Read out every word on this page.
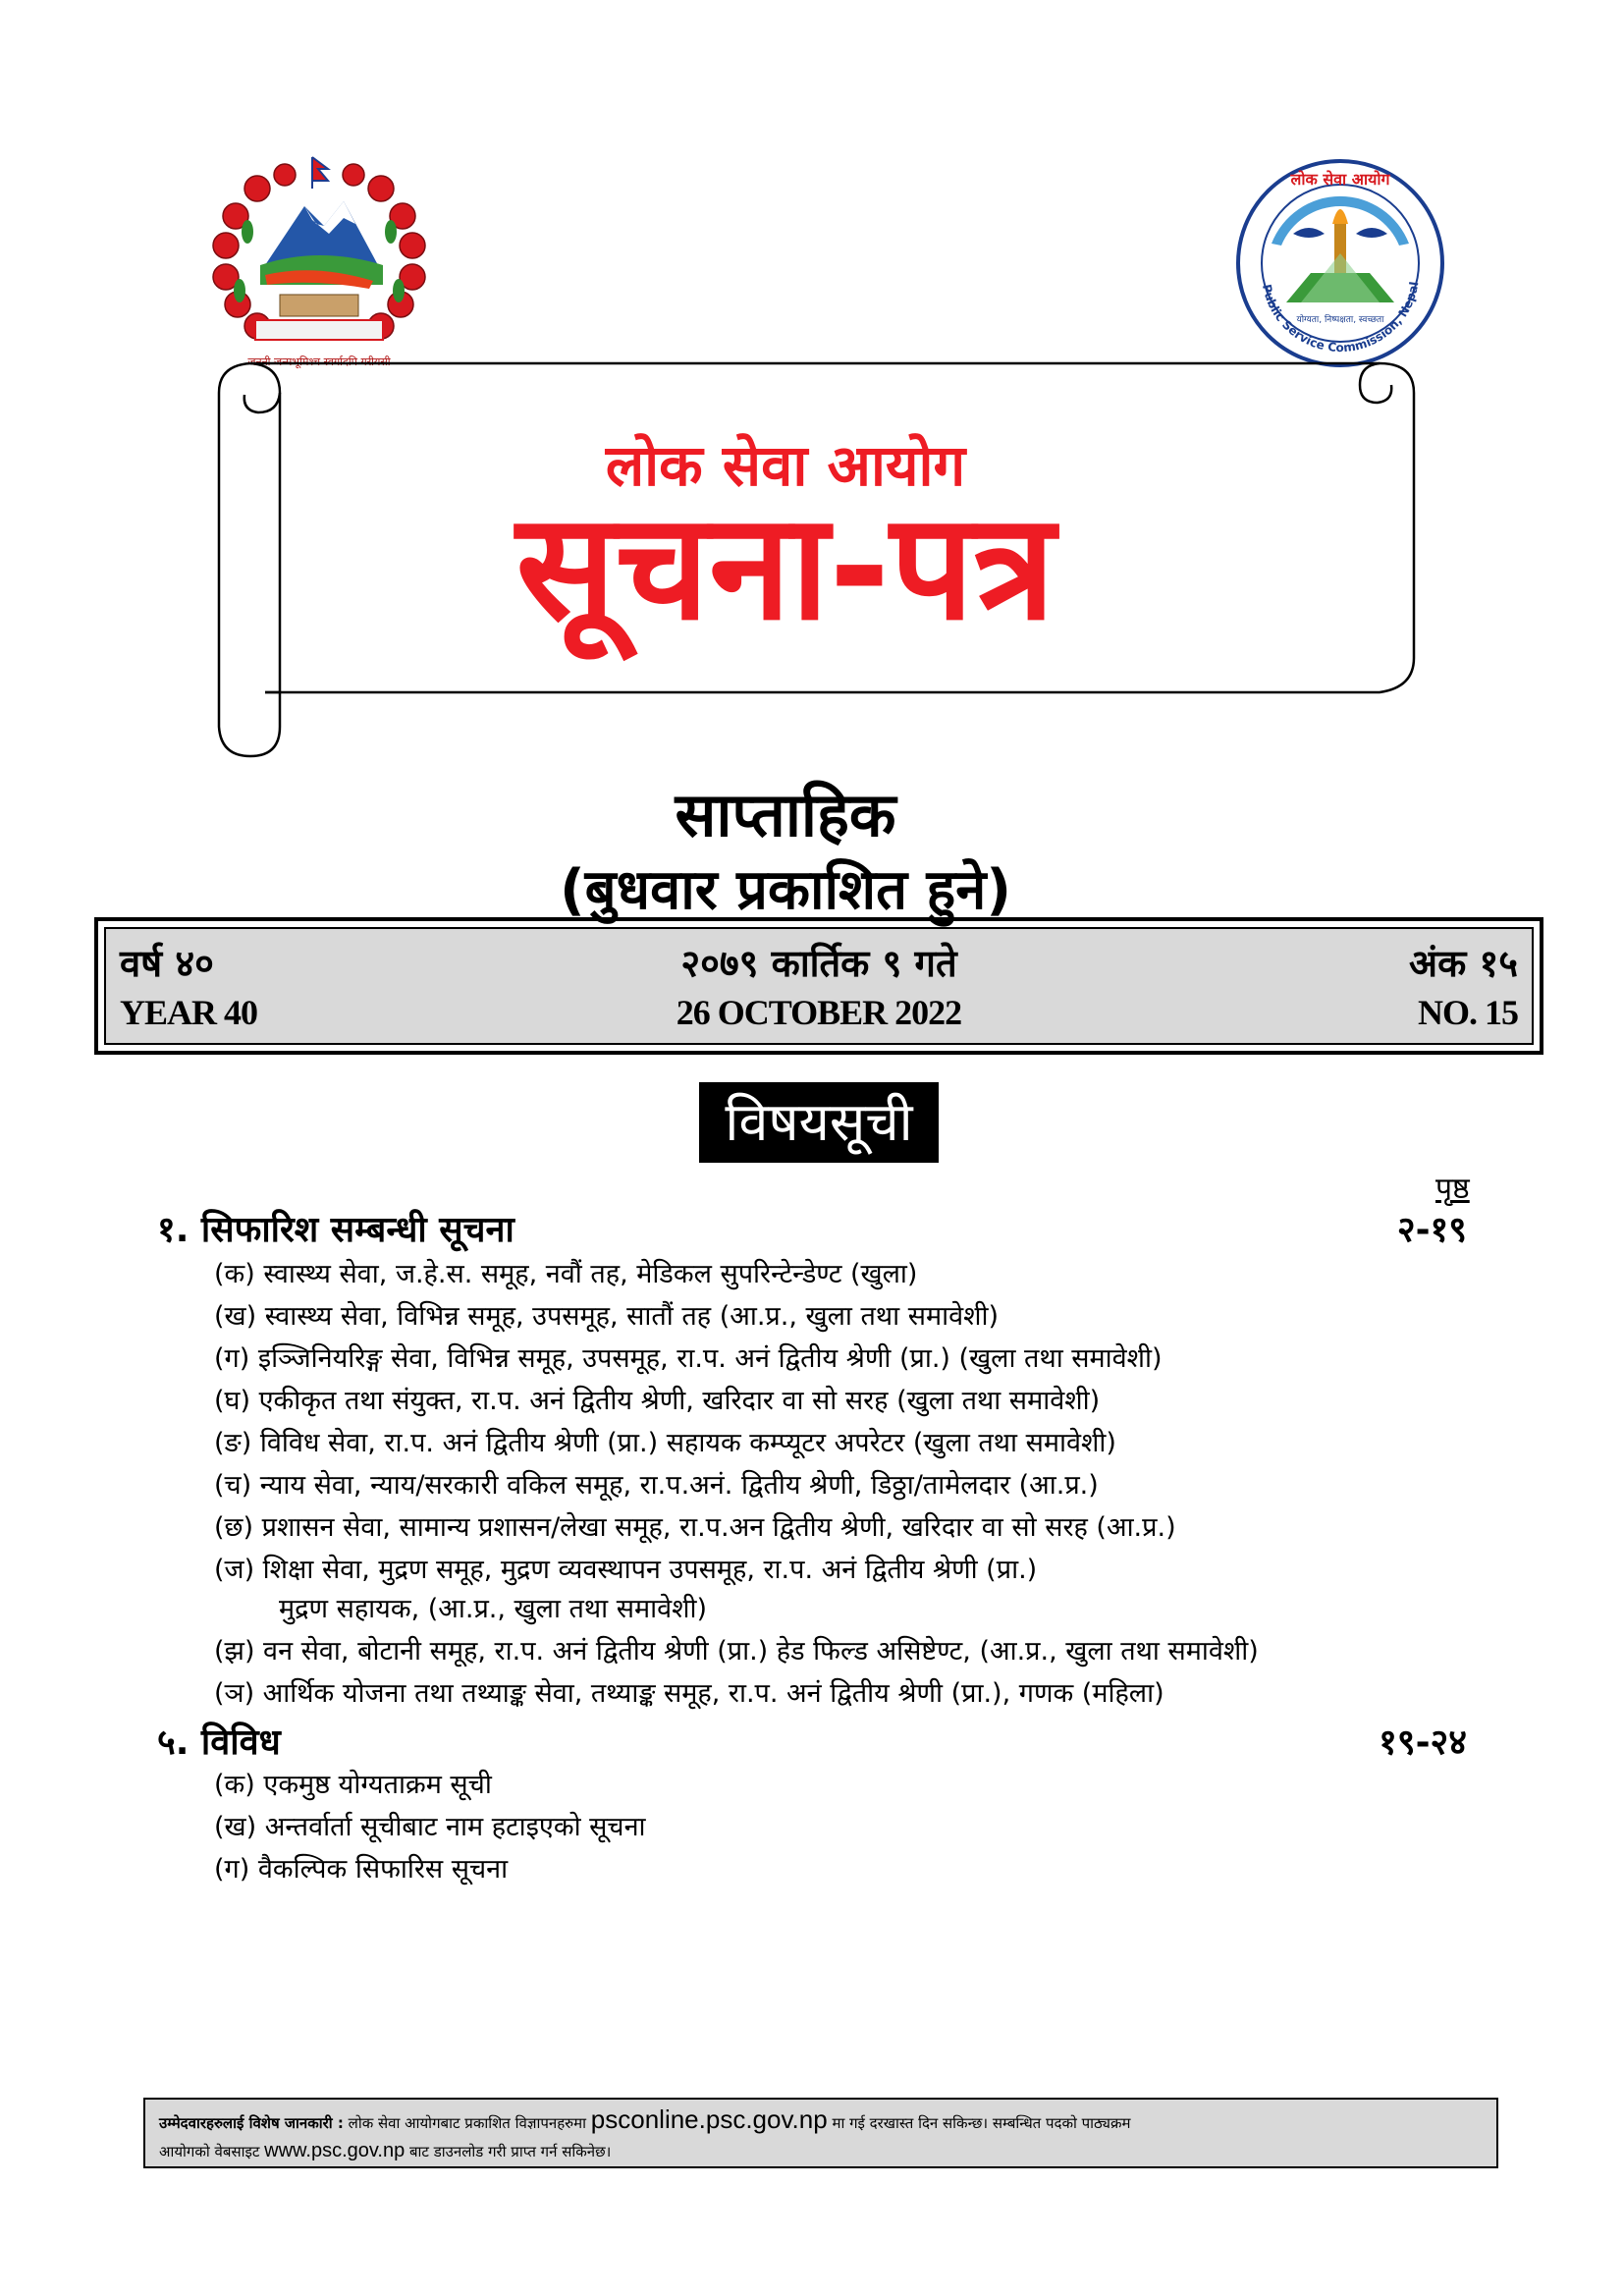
जननी जन्मभूमिश्च स्वर्गादपि गरीयसी
लोक सेवा आयोग
योग्यता, निष्पक्षता, स्वच्छता
Public Service Commission, Nepal
लोक सेवा आयोग
सूचना-पत्र
साप्ताहिक
(बुधवार प्रकाशित हुने)
वर्ष ४०
YEAR 40
२०७९ कार्तिक ९ गते
26 OCTOBER 2022
अंक १५
NO. 15
विषयसूची
पृष्ठ
१. सिफारिश सम्बन्धी सूचना	२-१९
(क) स्वास्थ्य सेवा, ज.हे.स. समूह, नवौं तह, मेडिकल सुपरिन्टेन्डेण्ट (खुला)
(ख) स्वास्थ्य सेवा, विभिन्न समूह, उपसमूह, सातौं तह (आ.प्र., खुला तथा समावेशी)
(ग) इञ्जिनियरिङ्ग सेवा, विभिन्न समूह, उपसमूह, रा.प. अनं द्वितीय श्रेणी (प्रा.) (खुला तथा समावेशी)
(घ) एकीकृत तथा संयुक्त, रा.प. अनं द्वितीय श्रेणी, खरिदार वा सो सरह (खुला तथा समावेशी)
(ङ) विविध सेवा, रा.प. अनं द्वितीय श्रेणी (प्रा.) सहायक कम्प्यूटर अपरेटर (खुला तथा समावेशी)
(च) न्याय सेवा, न्याय/सरकारी वकिल समूह, रा.प.अनं. द्वितीय श्रेणी, डिठ्ठा/तामेलदार (आ.प्र.)
(छ) प्रशासन सेवा, सामान्य प्रशासन/लेखा समूह, रा.प.अन द्वितीय श्रेणी, खरिदार वा सो सरह (आ.प्र.)
(ज) शिक्षा सेवा, मुद्रण समूह, मुद्रण व्यवस्थापन उपसमूह, रा.प. अनं द्वितीय श्रेणी (प्रा.)
मुद्रण सहायक, (आ.प्र., खुला तथा समावेशी)
(झ) वन सेवा, बोटानी समूह, रा.प. अनं द्वितीय श्रेणी (प्रा.) हेड फिल्ड असिष्टेण्ट, (आ.प्र., खुला तथा समावेशी)
(ञ) आर्थिक योजना तथा तथ्याङ्क सेवा, तथ्याङ्क समूह, रा.प. अनं द्वितीय श्रेणी (प्रा.), गणक (महिला)
५. विविध	१९-२४
(क) एकमुष्ठ योग्यताक्रम सूची
(ख) अन्तर्वार्ता सूचीबाट नाम हटाइएको सूचना
(ग) वैकल्पिक सिफारिस सूचना
उम्मेदवारहरुलाई विशेष जानकारी : लोक सेवा आयोगबाट प्रकाशित विज्ञापनहरुमा psconline.psc.gov.np मा गई दरखास्त दिन सकिन्छ। सम्बन्धित पदको पाठ्यक्रम
आयोगको वेबसाइट www.psc.gov.np बाट डाउनलोड गरी प्राप्त गर्न सकिनेछ।
